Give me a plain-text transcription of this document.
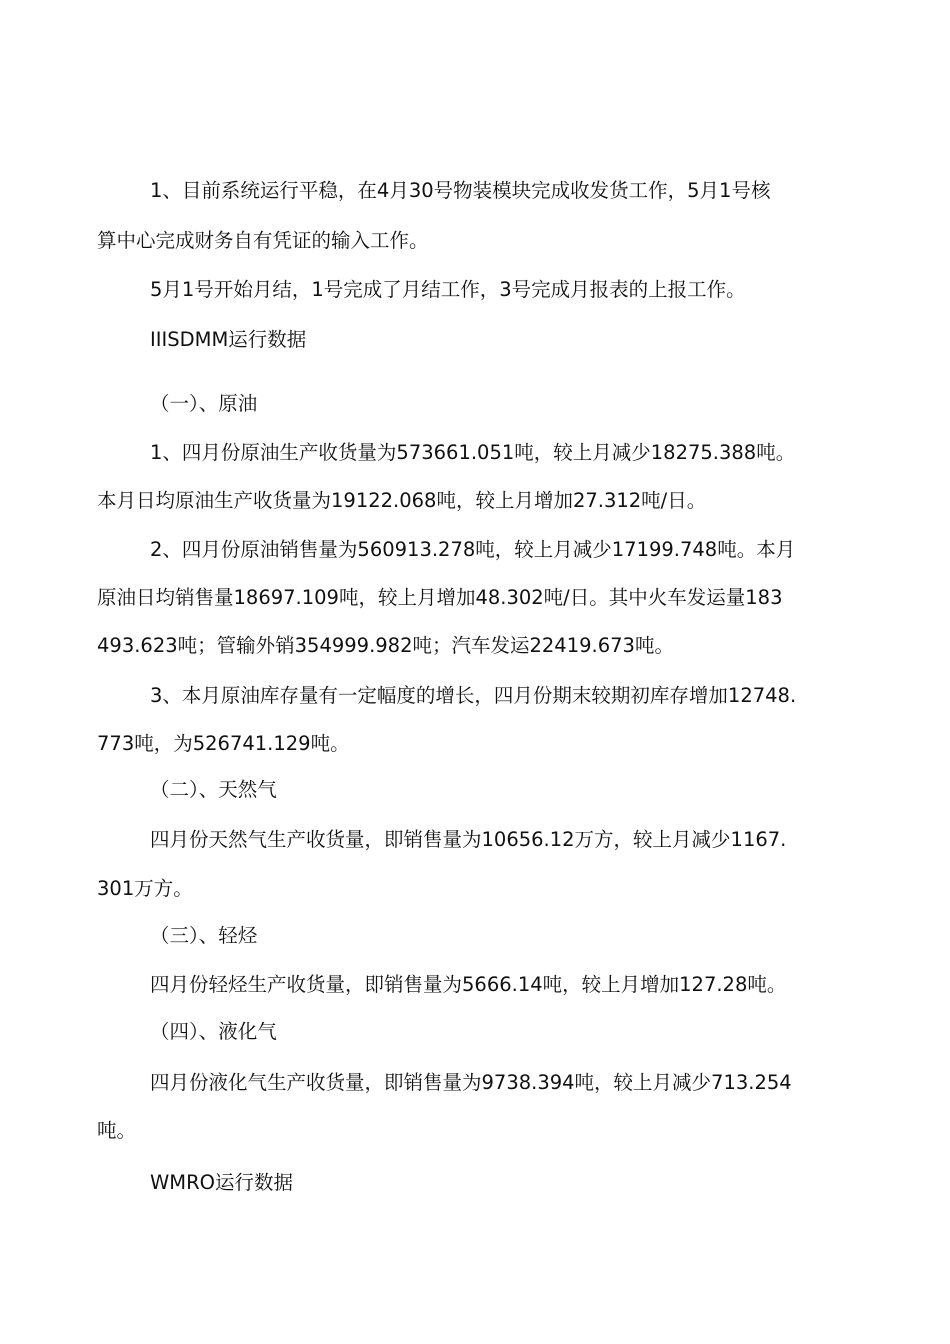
1、目前系统运行平稳，在4月30号物装模块完成收发货工作，5月1号核

算中心完成财务自有凭证的输入工作。

5月1号开始月结，1号完成了月结工作，3号完成月报表的上报工作。

IIISDMM运行数据

（一）、原油

1、四月份原油生产收货量为573661.051吨，较上月减少18275.388吨。

本月日均原油生产收货量为19122.068吨，较上月增加27.312吨/日。

2、四月份原油销售量为560913.278吨，较上月减少17199.748吨。本月

原油日均销售量18697.109吨，较上月增加48.302吨/日。其中火车发运量183

493.623吨；管输外销354999.982吨；汽车发运22419.673吨。

3、本月原油库存量有一定幅度的增长，四月份期末较期初库存增加12748.

773吨，为526741.129吨。

（二）、天然气

四月份天然气生产收货量，即销售量为10656.12万方，较上月减少1167.

301万方。

（三）、轻烃

四月份轻烃生产收货量，即销售量为5666.14吨，较上月增加127.28吨。

（四）、液化气

四月份液化气生产收货量，即销售量为9738.394吨，较上月减少713.254

吨。

WMRO运行数据
